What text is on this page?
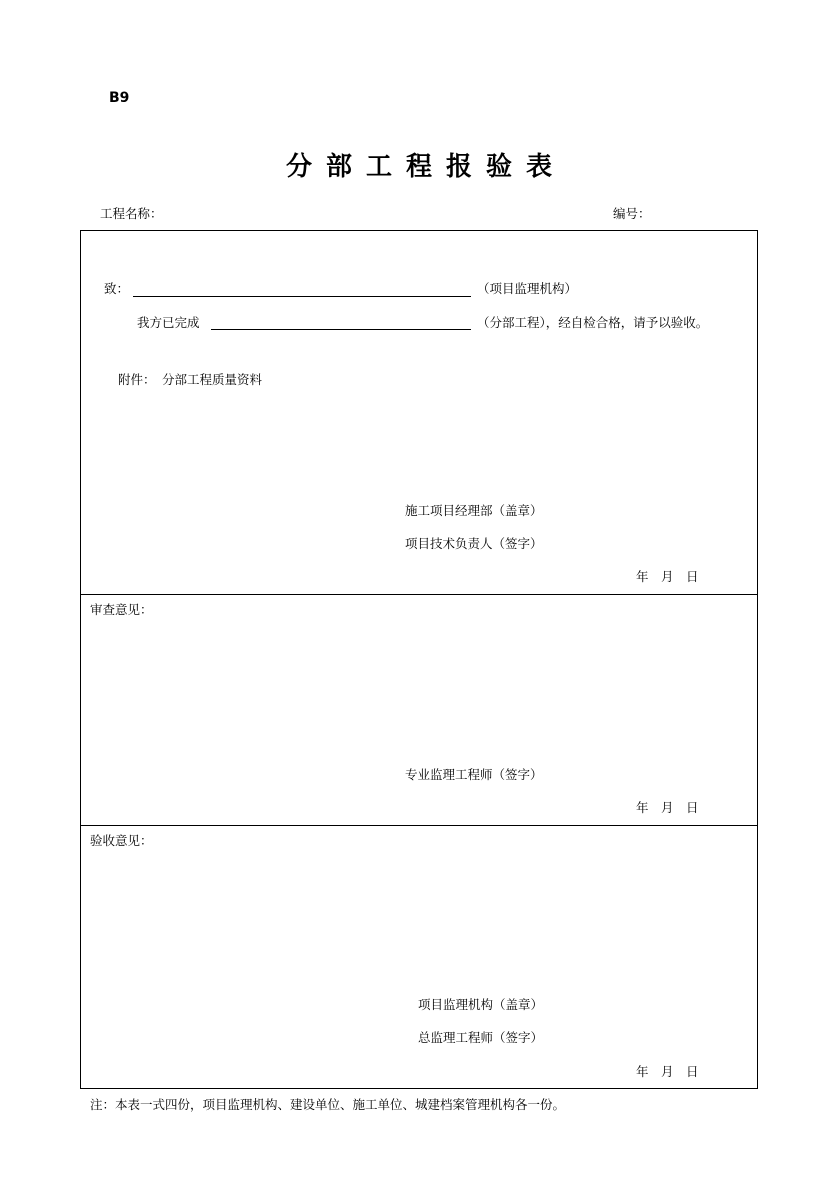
B9
分部工程报验表
工程名称：	编号：
致：	（项目监理机构）
我方已完成	（分部工程），经自检合格，请予以验收。
附件： 分部工程质量资料
施工项目经理部（盖章）
项目技术负责人（签字）
年　月　日
审查意见：
专业监理工程师（签字）
年　月　日
验收意见：
项目监理机构（盖章）
总监理工程师（签字）
年　月　日
注：本表一式四份，项目监理机构、建设单位、施工单位、城建档案管理机构各一份。
